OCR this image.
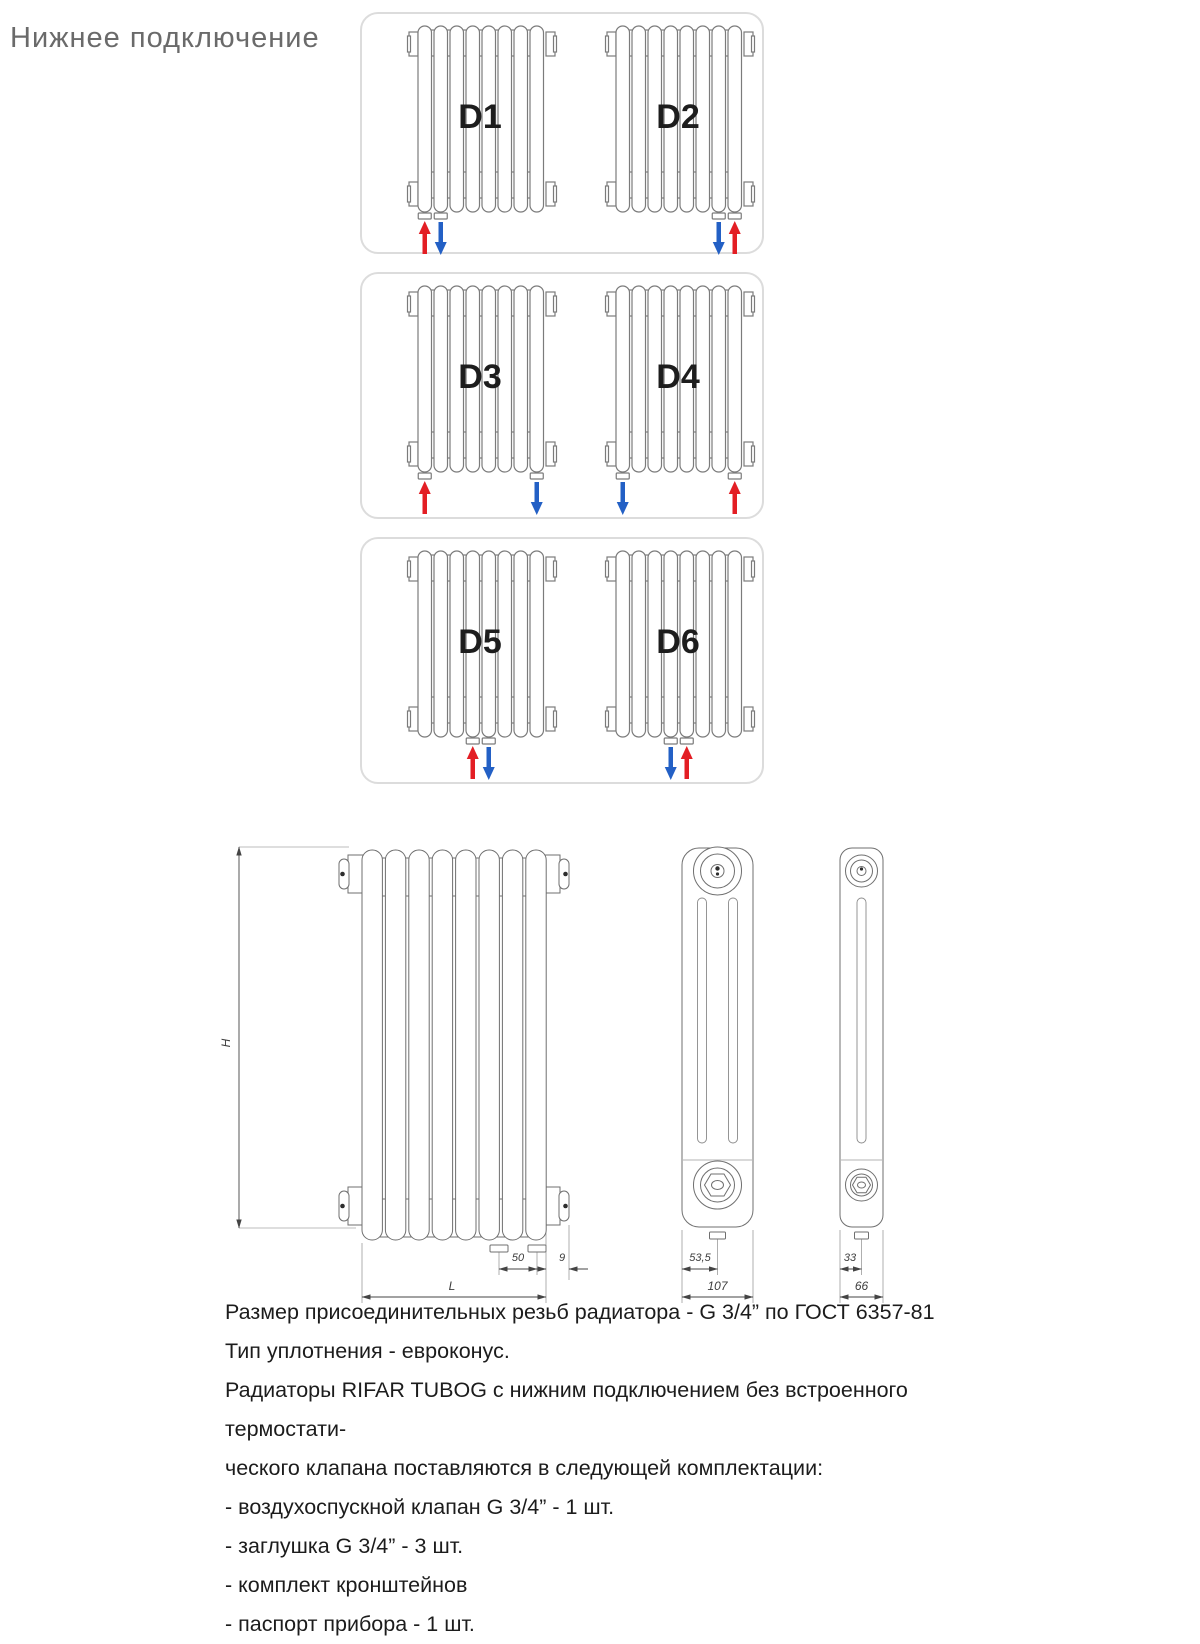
Нижнее подключение
D1	D2
D3	D4
D5	D6
H
50	9
L
53,5
107
33
66

Размер присоединительных резьб радиатора - G 3/4” по ГОСТ 6357-81

Тип уплотнения - евроконус.

Радиаторы RIFAR TUBOG с нижним подключением без встроенного термостати-

ческого клапана поставляются в следующей комплектации:

- воздухоспускной клапан G 3/4” - 1 шт.

- заглушка G 3/4” - 3 шт.

- комплект кронштейнов

- паспорт прибора - 1 шт.
